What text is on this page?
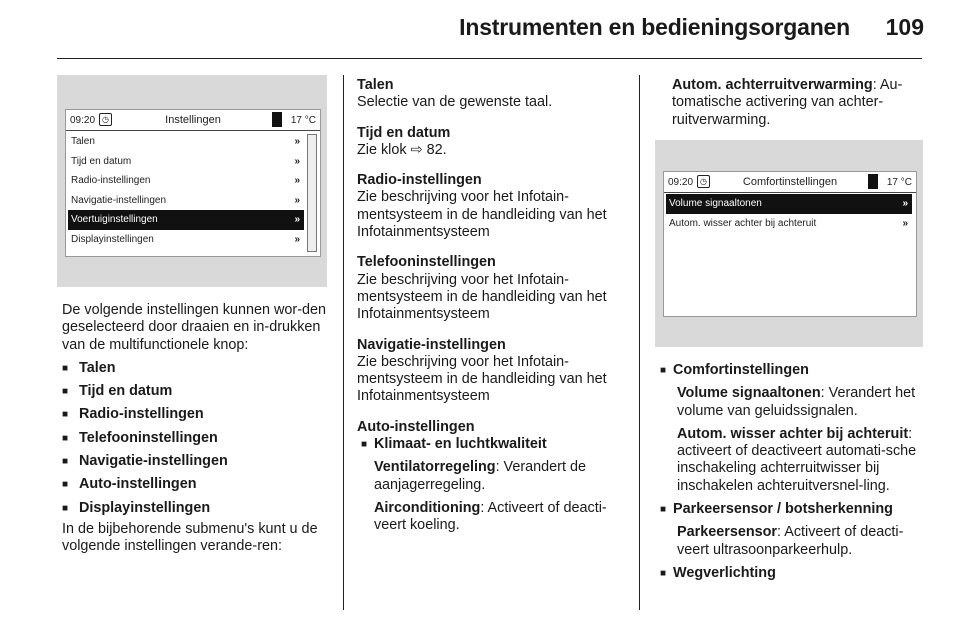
Instrumenten en bedieningsorganen 109
09:20 ◷	Instellingen	17 °C
Talen	»
Tijd en datum	»
Radio-instellingen	»
Navigatie-instellingen	»
Voertuiginstellingen	»
Displayinstellingen	»

De volgende instellingen kunnen wor-den geselecteerd door draaien en in-drukken van de multifunctionele knop:

■ Talen

■ Tijd en datum

■ Radio-instellingen

■ Telefooninstellingen

■ Navigatie-instellingen

■ Auto-instellingen

■ Displayinstellingen

In de bijbehorende submenu's kunt u de volgende instellingen verande-ren:

Talen

Selectie van de gewenste taal.

Tijd en datum

Zie klok ⇨ 82.

Radio-instellingen

Zie beschrijving voor het Infotain-mentsysteem in de handleiding van het Infotainmentsysteem

Telefooninstellingen

Zie beschrijving voor het Infotain-mentsysteem in de handleiding van het Infotainmentsysteem

Navigatie-instellingen

Zie beschrijving voor het Infotain-mentsysteem in de handleiding van het Infotainmentsysteem

Auto-instellingen

■ Klimaat- en luchtkwaliteit

Ventilatorregeling: Verandert de aanjagerregeling.

Airconditioning: Activeert of deacti-veert koeling.

Autom. achterruitverwarming: Au-tomatische activering van achter-ruitverwarming.

09:20 ◷	Comfortinstellingen	17 °C
Volume signaaltonen	»
Autom. wisser achter bij achteruit	»

■ Comfortinstellingen

Volume signaaltonen: Verandert het volume van geluidssignalen.

Autom. wisser achter bij achteruit: activeert of deactiveert automati-sche inschakeling achterruitwisser bij inschakelen achteruitversnel-ling.

■ Parkeersensor / botsherkenning

Parkeersensor: Activeert of deacti-veert ultrasoonparkeerhulp.

■ Wegverlichting
